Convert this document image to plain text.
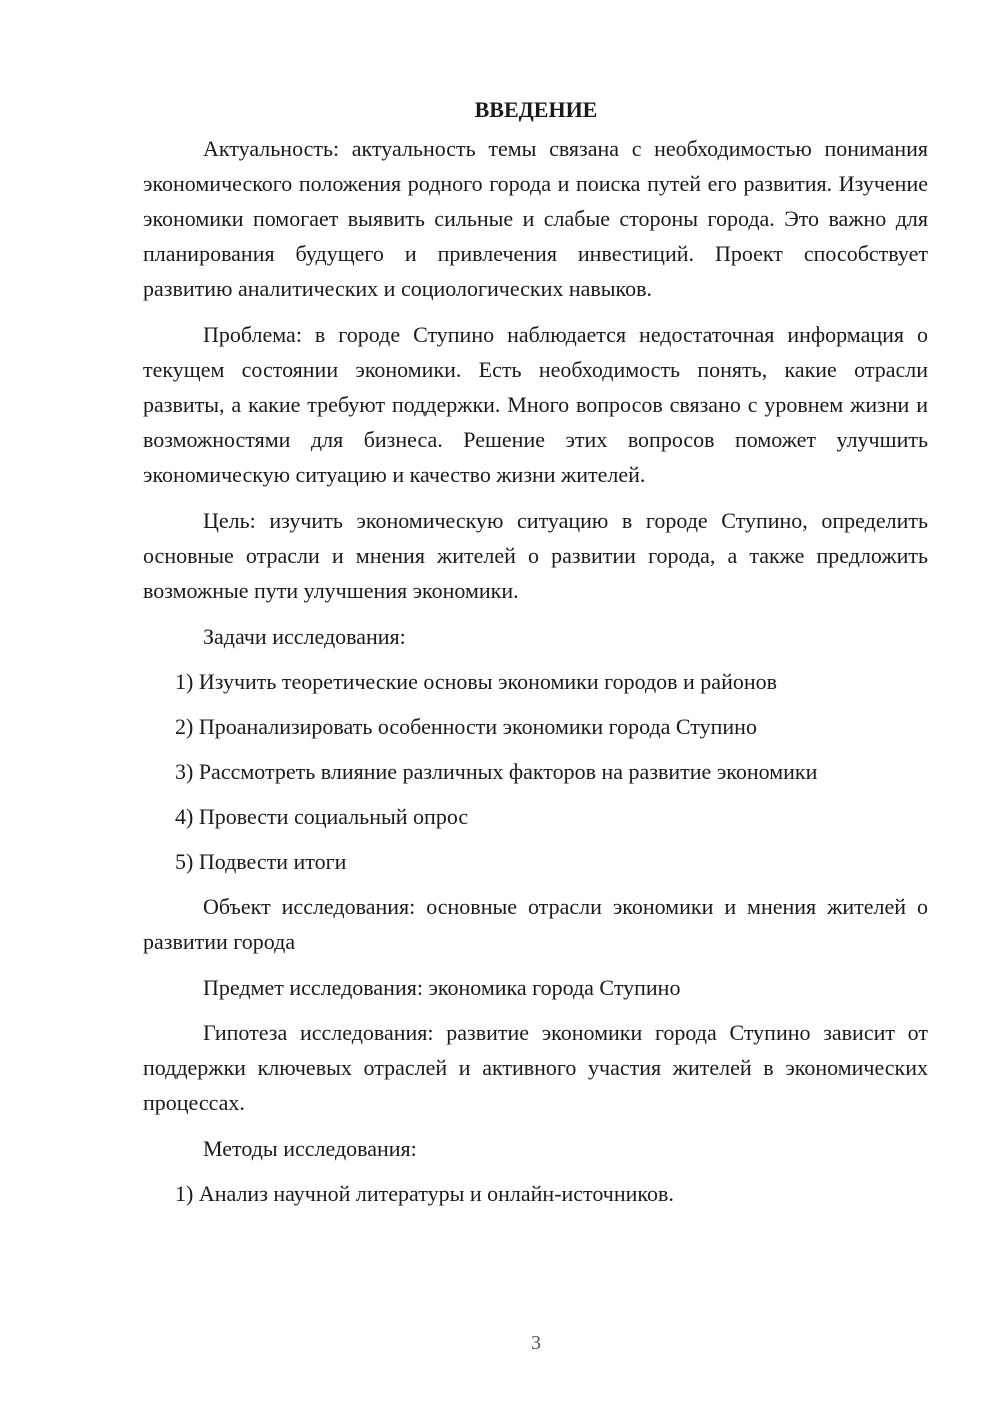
ВВЕДЕНИЕ

Актуальность: актуальность темы связана с необходимостью понимания экономического положения родного города и поиска путей его развития. Изучение экономики помогает выявить сильные и слабые стороны города. Это важно для планирования будущего и привлечения инвестиций. Проект способствует развитию аналитических и социологических навыков.

Проблема: в городе Ступино наблюдается недостаточная информация о текущем состоянии экономики. Есть необходимость понять, какие отрасли развиты, а какие требуют поддержки. Много вопросов связано с уровнем жизни и возможностями для бизнеса. Решение этих вопросов поможет улучшить экономическую ситуацию и качество жизни жителей.

Цель: изучить экономическую ситуацию в городе Ступино, определить основные отрасли и мнения жителей о развитии города, а также предложить возможные пути улучшения экономики.

Задачи исследования:
1) Изучить теоретические основы экономики городов и районов
2) Проанализировать особенности экономики города Ступино
3) Рассмотреть влияние различных факторов на развитие экономики
4) Провести социальный опрос
5) Подвести итоги

Объект исследования: основные отрасли экономики и мнения жителей о развитии города

Предмет исследования: экономика города Ступино

Гипотеза исследования: развитие экономики города Ступино зависит от поддержки ключевых отраслей и активного участия жителей в экономических процессах.

Методы исследования:
1) Анализ научной литературы и онлайн-источников.
3
